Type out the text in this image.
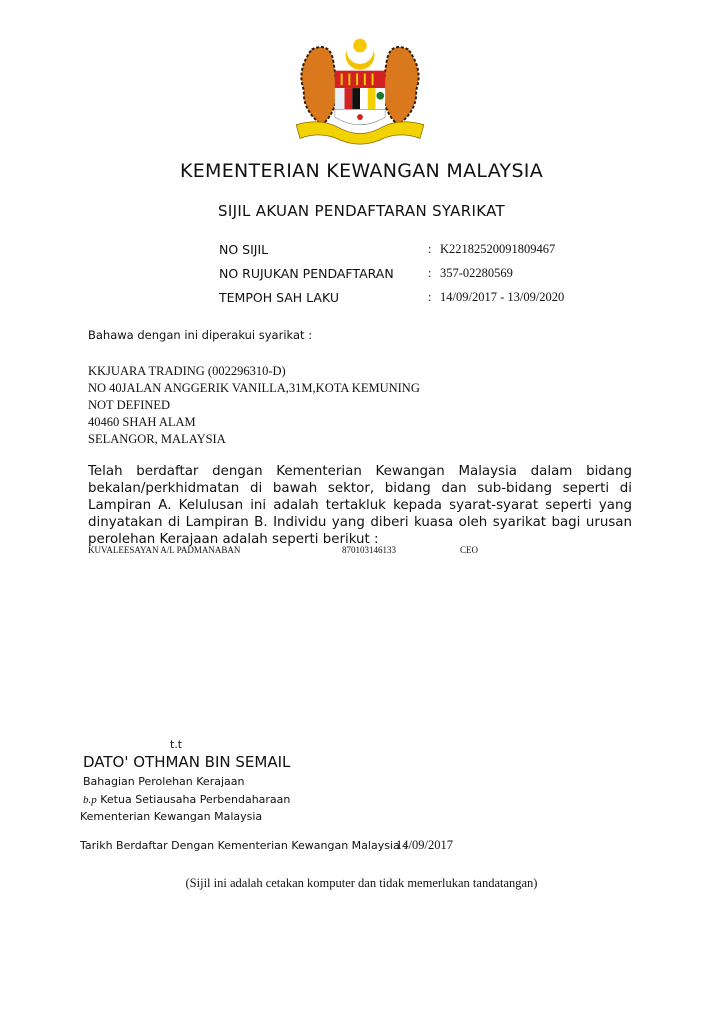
KEMENTERIAN KEWANGAN MALAYSIA
SIJIL AKUAN PENDAFTARAN SYARIKAT
NO SIJIL	: K22182520091809467
NO RUJUKAN PENDAFTARAN	: 357-02280569
TEMPOH SAH LAKU	: 14/09/2017 - 13/09/2020
Bahawa dengan ini diperakui syarikat :
KKJUARA TRADING (002296310-D)
NO 40JALAN ANGGERIK VANILLA,31M,KOTA KEMUNING
NOT DEFINED
40460 SHAH ALAM
SELANGOR, MALAYSIA
Telah berdaftar dengan Kementerian Kewangan Malaysia dalam bidang bekalan/perkhidmatan di bawah sektor, bidang dan sub-bidang seperti di Lampiran A. Kelulusan ini adalah tertakluk kepada syarat-syarat seperti yang dinyatakan di Lampiran B. Individu yang diberi kuasa oleh syarikat bagi urusan perolehan Kerajaan adalah seperti berikut :
KUVALEESAYAN A/L PADMANABAN	870103146133	CEO
t.t
DATO' OTHMAN BIN SEMAIL
Bahagian Perolehan Kerajaan
b.p Ketua Setiausaha Perbendaharaan
Kementerian Kewangan Malaysia
Tarikh Berdaftar Dengan Kementerian Kewangan Malaysia :
14/09/2017
(Sijil ini adalah cetakan komputer dan tidak memerlukan tandatangan)
